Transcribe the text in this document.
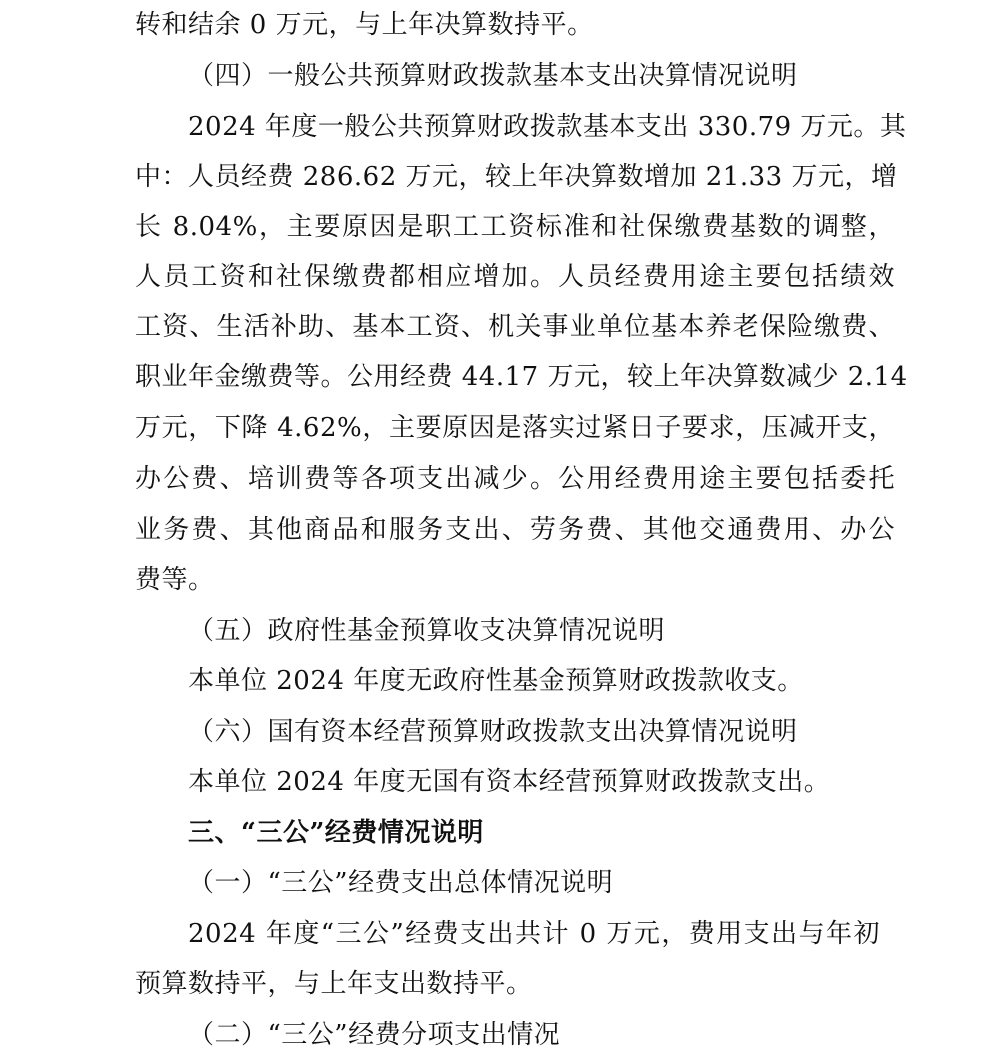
转和结余 0 万元，与上年决算数持平。
（四）一般公共预算财政拨款基本支出决算情况说明
2024 年度一般公共预算财政拨款基本支出 330.79 万元。其
中：人员经费 286.62 万元，较上年决算数增加 21.33 万元，增
长 8.04%，主要原因是职工工资标准和社保缴费基数的调整，
人员工资和社保缴费都相应增加。人员经费用途主要包括绩效
工资、生活补助、基本工资、机关事业单位基本养老保险缴费、
职业年金缴费等。公用经费 44.17 万元，较上年决算数减少 2.14
万元，下降 4.62%，主要原因是落实过紧日子要求，压减开支，
办公费、培训费等各项支出减少。公用经费用途主要包括委托
业务费、其他商品和服务支出、劳务费、其他交通费用、办公
费等。
（五）政府性基金预算收支决算情况说明
本单位 2024 年度无政府性基金预算财政拨款收支。
（六）国有资本经营预算财政拨款支出决算情况说明
本单位 2024 年度无国有资本经营预算财政拨款支出。
三、“三公”经费情况说明
（一）“三公”经费支出总体情况说明
2024 年度“三公”经费支出共计 0 万元，费用支出与年初
预算数持平，与上年支出数持平。
（二）“三公”经费分项支出情况
